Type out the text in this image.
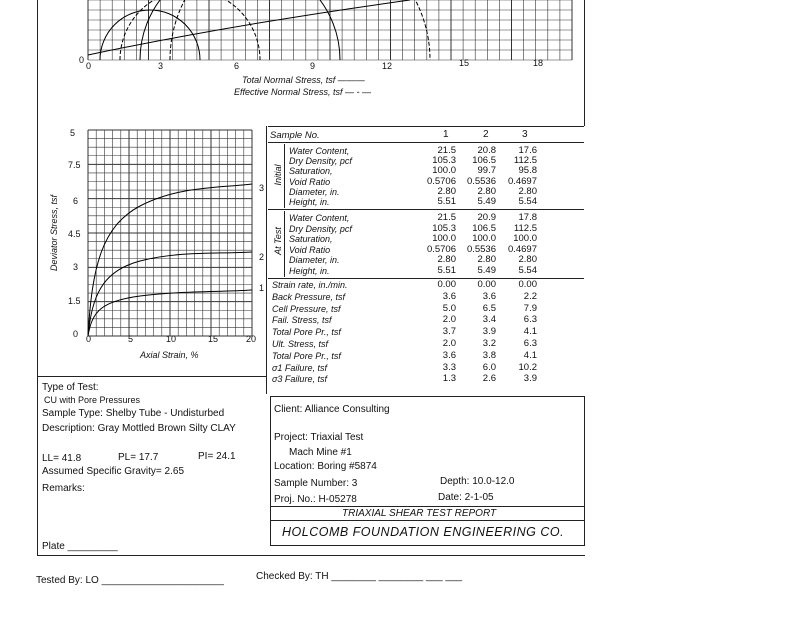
0	3	6	9	12	15	18
0
Total Normal Stress, tsf ———
Effective Normal Stress, tsf — - —
Deviator Stress, tsf
5
7.5
6
4.5
3
1.5
0 0	5	10	15	20
Axial Strain, %
3
2
1
Sample No.	1	2	3
Initial
Water Content,	21.5	20.8	17.6
Dry Density, pcf	105.3	106.5	112.5
Saturation,	100.0	99.7	95.8
Void Ratio	0.5706	0.5536	0.4697
Diameter, in.	2.80	2.80	2.80
Height, in.	5.51	5.49	5.54
At Test
Water Content,	21.5	20.9	17.8
Dry Density, pcf	105.3	106.5	112.5
Saturation,	100.0	100.0	100.0
Void Ratio	0.5706	0.5536	0.4697
Diameter, in.	2.80	2.80	2.80
Height, in.	5.51	5.49	5.54
Strain rate, in./min.	0.00	0.00	0.00
Back Pressure, tsf	3.6	3.6	2.2
Cell Pressure, tsf	5.0	6.5	7.9
Fail. Stress, tsf	2.0	3.4	6.3
Total Pore Pr., tsf	3.7	3.9	4.1
Ult. Stress, tsf	2.0	3.2	6.3
Total Pore Pr., tsf	3.6	3.8	4.1
σ1 Failure, tsf	3.3	6.0	10.2
σ3 Failure, tsf	1.3	2.6	3.9
Type of Test:
CU with Pore Pressures
Sample Type: Shelby Tube - Undisturbed
Description: Gray Mottled Brown Silty CLAY
LL= 41.8	PL= 17.7	PI= 24.1
Assumed Specific Gravity= 2.65
Remarks:
Plate _________
Client: Alliance Consulting
Project: Triaxial Test
Mach Mine #1
Location: Boring #5874
Sample Number: 3	Depth: 10.0-12.0
Proj. No.: H-05278	Date: 2-1-05
TRIAXIAL SHEAR TEST REPORT
HOLCOMB FOUNDATION ENGINEERING CO.
Tested By: LO ______________________	Checked By: TH ________ ________ ___ ___
